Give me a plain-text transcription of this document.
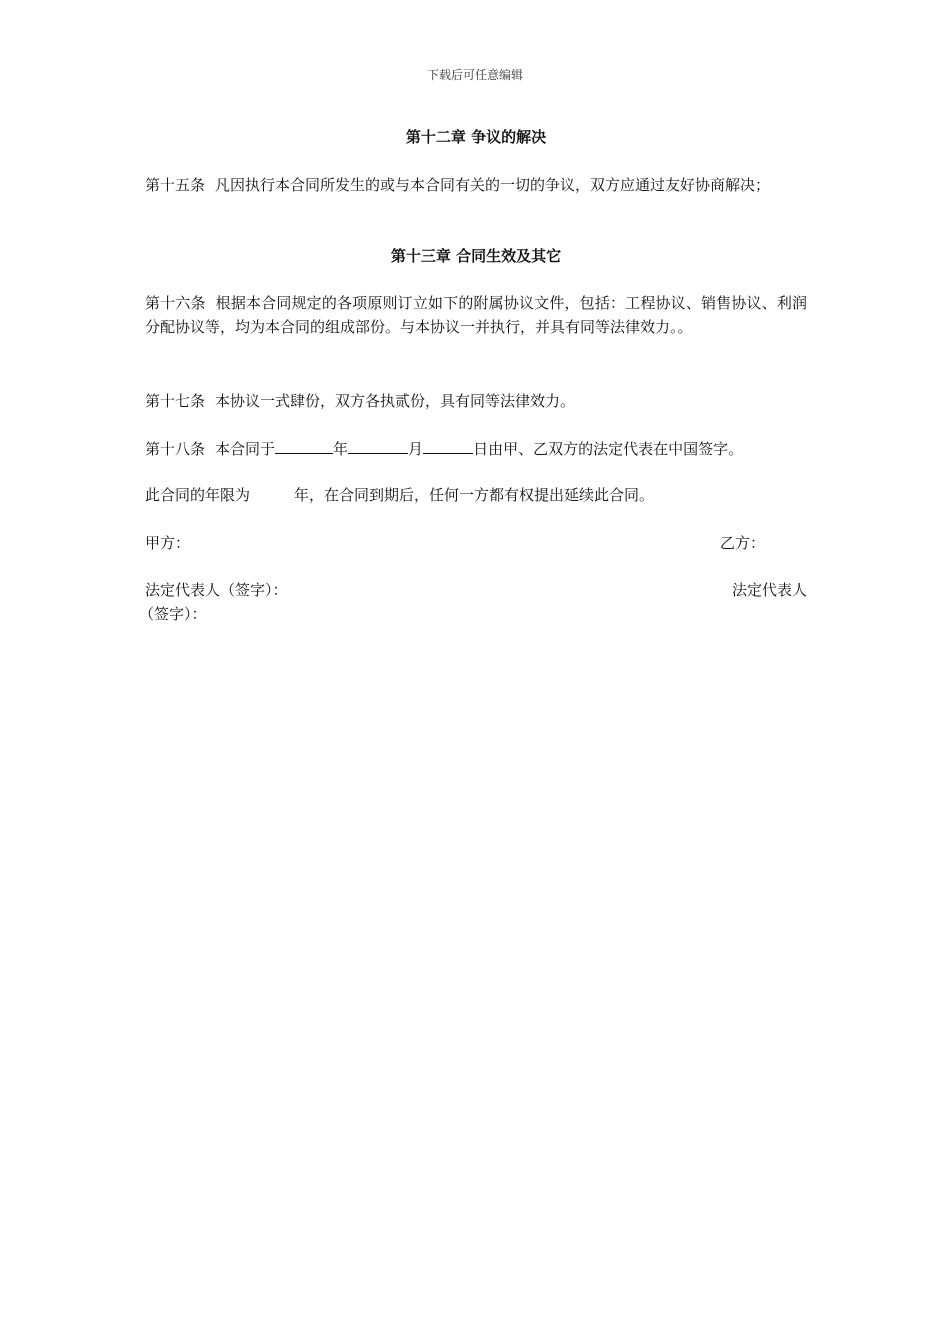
下载后可任意编辑
第十二章 争议的解决
第十五条 凡因执行本合同所发生的或与本合同有关的一切的争议，双方应通过友好协商解决；
第十三章 合同生效及其它
第十六条 根据本合同规定的各项原则订立如下的附属协议文件，包括：工程协议、销售协议、利润分配协议等，均为本合同的组成部份。与本协议一并执行，并具有同等法律效力。。
第十七条 本协议一式肆份，双方各执贰份，具有同等法律效力。
第十八条 本合同于	年	月	日由甲、乙双方的法定代表在中国签字。
此合同的年限为	年，在合同到期后，任何一方都有权提出延续此合同。
甲方：	乙方：
法定代表人（签字）：	法定代表人
（签字）：
